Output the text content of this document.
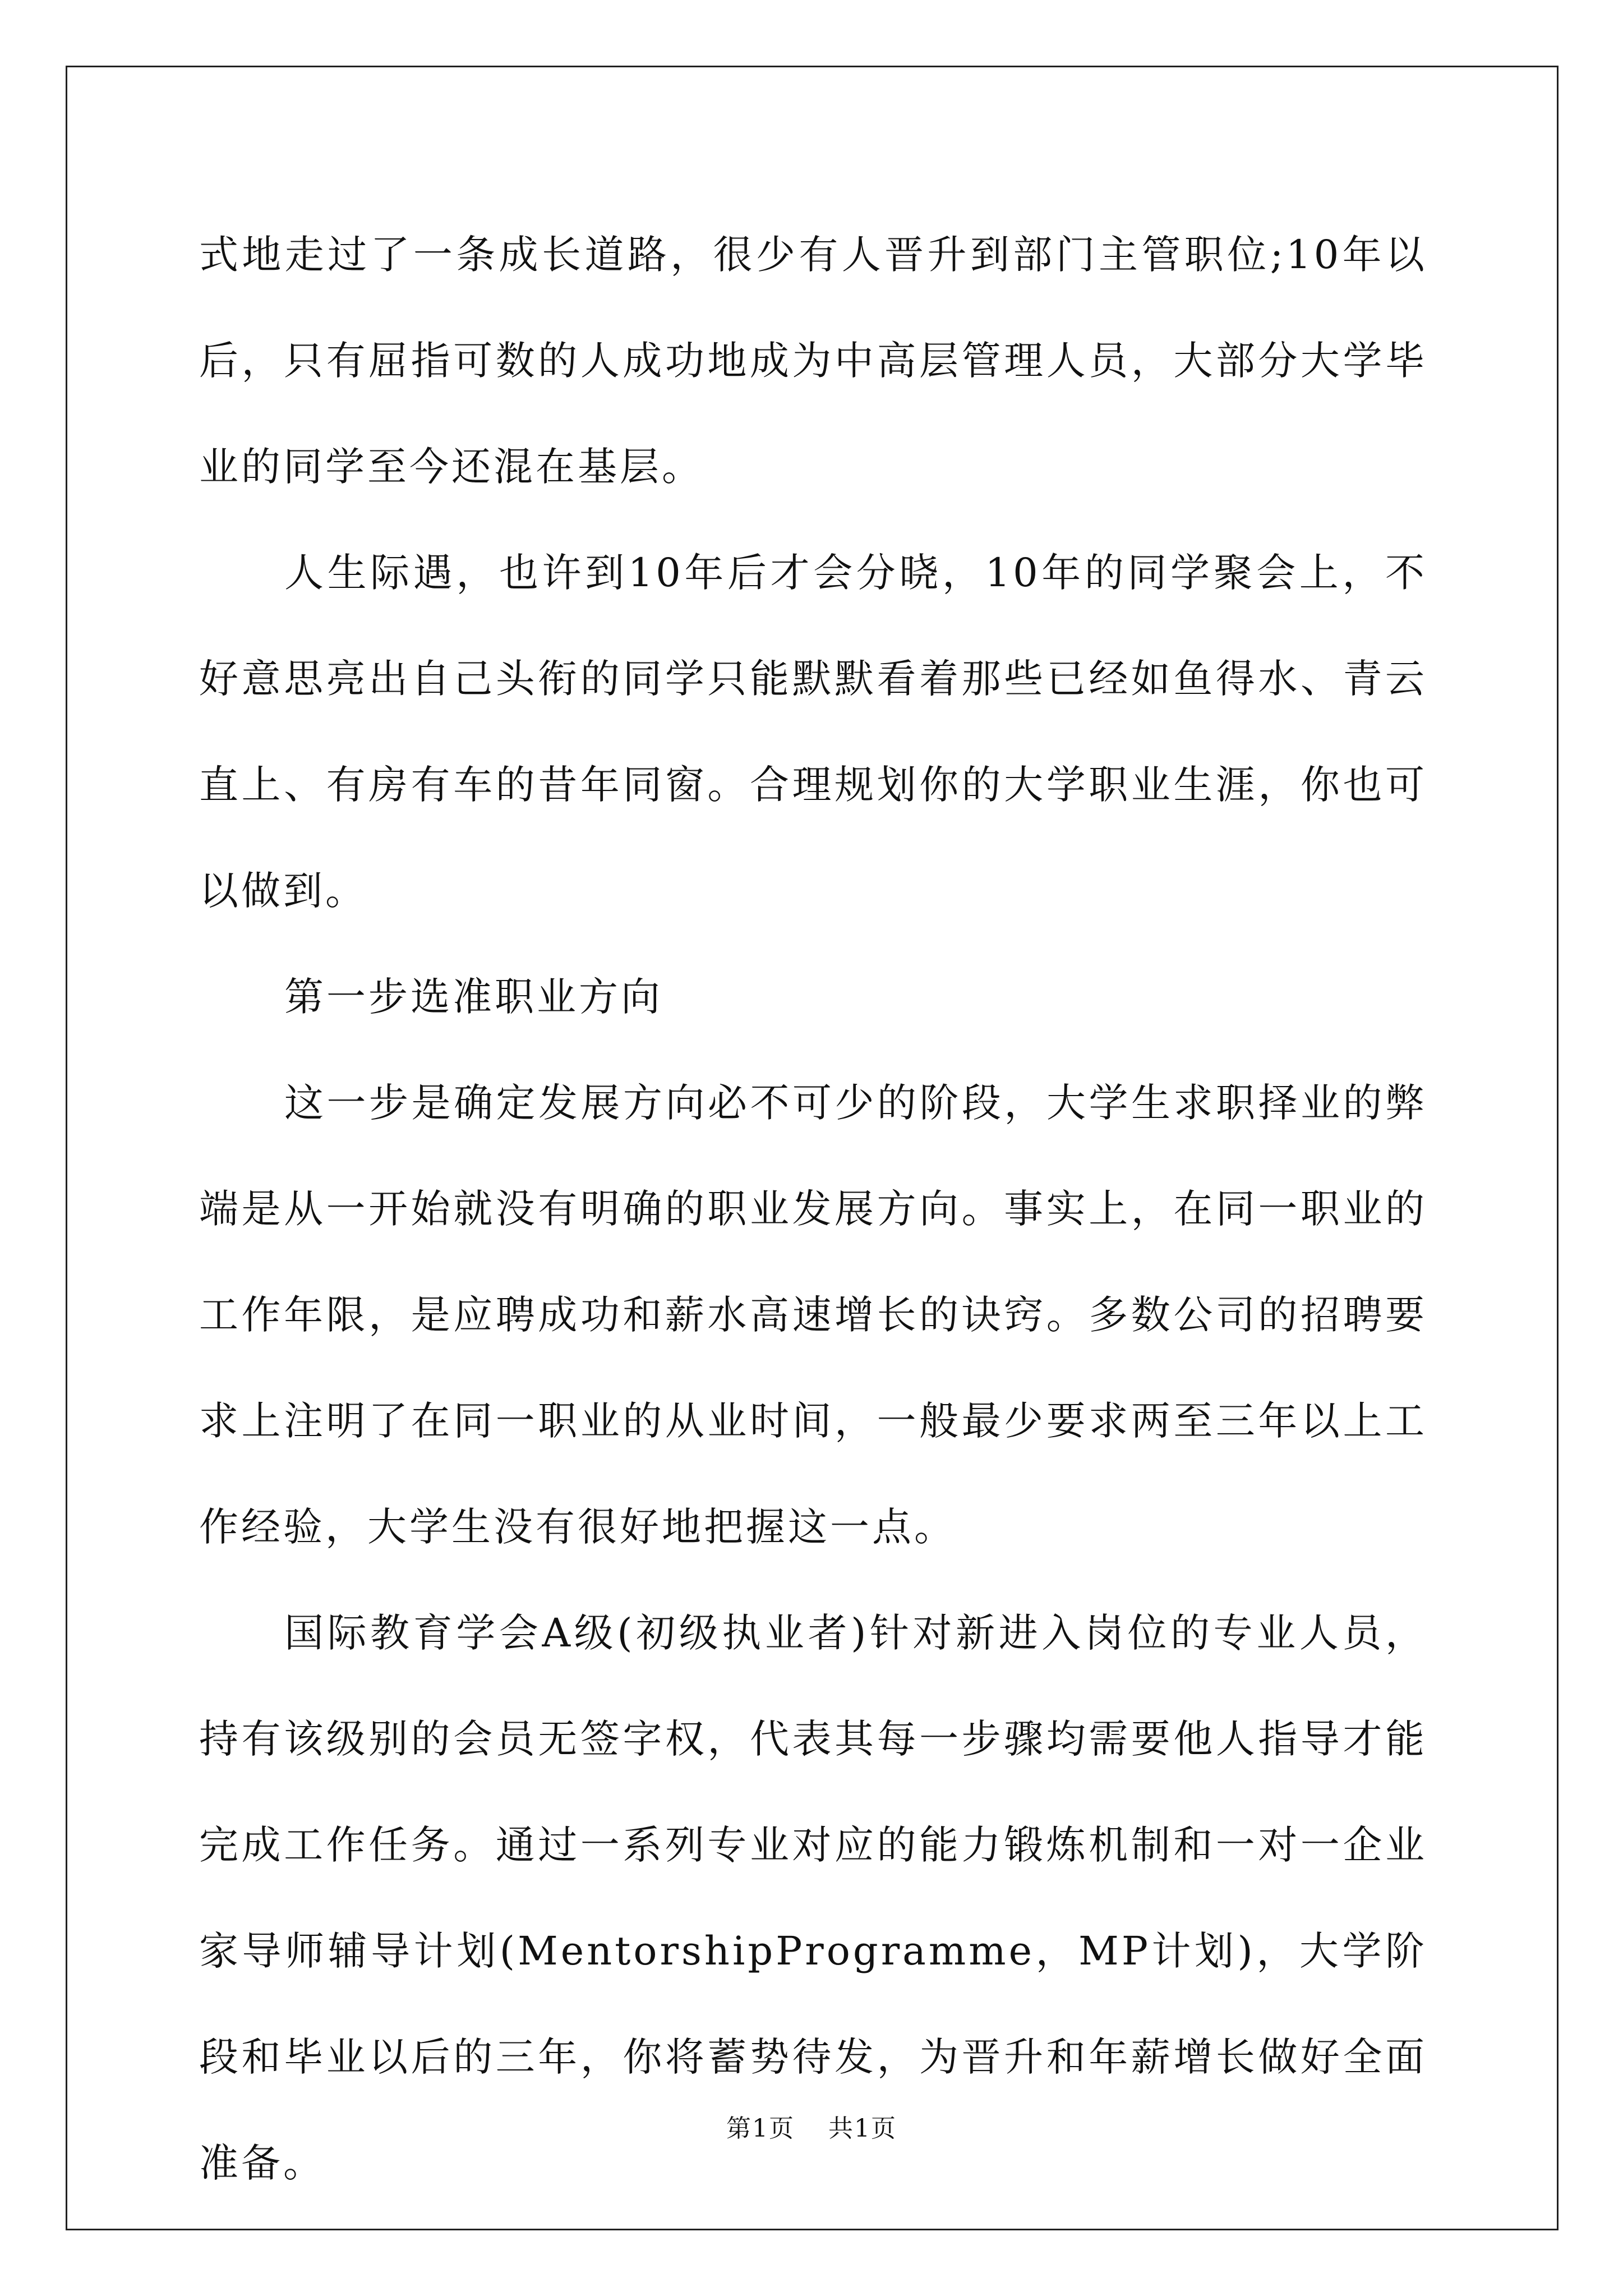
式地走过了一条成长道路，很少有人晋升到部门主管职位;10年以后，只有屈指可数的人成功地成为中高层管理人员，大部分大学毕业的同学至今还混在基层。

人生际遇，也许到10年后才会分晓，10年的同学聚会上，不好意思亮出自己头衔的同学只能默默看着那些已经如鱼得水、青云直上、有房有车的昔年同窗。合理规划你的大学职业生涯，你也可以做到。

第一步选准职业方向

这一步是确定发展方向必不可少的阶段，大学生求职择业的弊端是从一开始就没有明确的职业发展方向。事实上，在同一职业的工作年限，是应聘成功和薪水高速增长的诀窍。多数公司的招聘要求上注明了在同一职业的从业时间，一般最少要求两至三年以上工作经验，大学生没有很好地把握这一点。

国际教育学会A级(初级执业者)针对新进入岗位的专业人员，持有该级别的会员无签字权，代表其每一步骤均需要他人指导才能完成工作任务。通过一系列专业对应的能力锻炼机制和一对一企业家导师辅导计划(MentorshipProgramme，MP计划)，大学阶段和毕业以后的三年，你将蓄势待发，为晋升和年薪增长做好全面准备。

第1页 共1页
